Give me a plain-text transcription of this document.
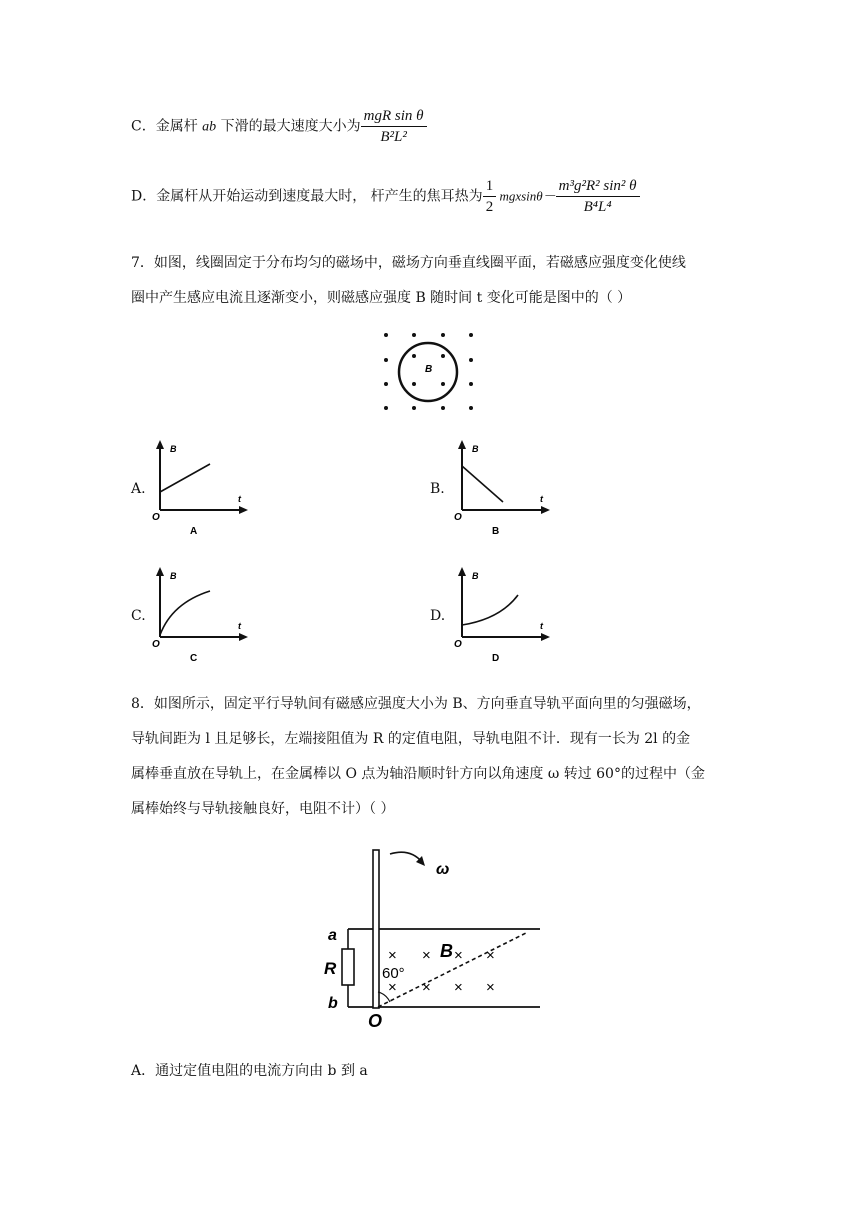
C．金属杆 ab 下滑的最大速度大小为 $\frac{\text{mgR sin θ}}{\text{B²L²}}$
D．金属杆从开始运动到速度最大时， 杆产生的焦耳热为 $\frac{1}{2} mgxsin\theta- \frac{\text{m³g²R² sin² θ}}{\text{B⁴L⁴}}$
7．如图，线圈固定于分布均匀的磁场中，磁场方向垂直线圈平面，若磁感应强度变化使线
圈中产生感应电流且逐渐变小，则磁感应强度 B 随时间 t 变化可能是图中的（ ）
B
A.	B.
C.	D.
B
t
O
A
B
t
O
B
B
t
O
C
B
t
O
D
8．如图所示，固定平行导轨间有磁感应强度大小为 B、方向垂直导轨平面向里的匀强磁场，
导轨间距为 l 且足够长，左端接阻值为 R 的定值电阻，导轨电阻不计．现有一长为 2l 的金
属棒垂直放在导轨上，在金属棒以 O 点为轴沿顺时针方向以角速度 ω 转过 60°的过程中（金
属棒始终与导轨接触良好，电阻不计）（ ）
ω
a
R
b
O
60°
B
× × × ×
× × × ×
A．通过定值电阻的电流方向由 b 到 a
